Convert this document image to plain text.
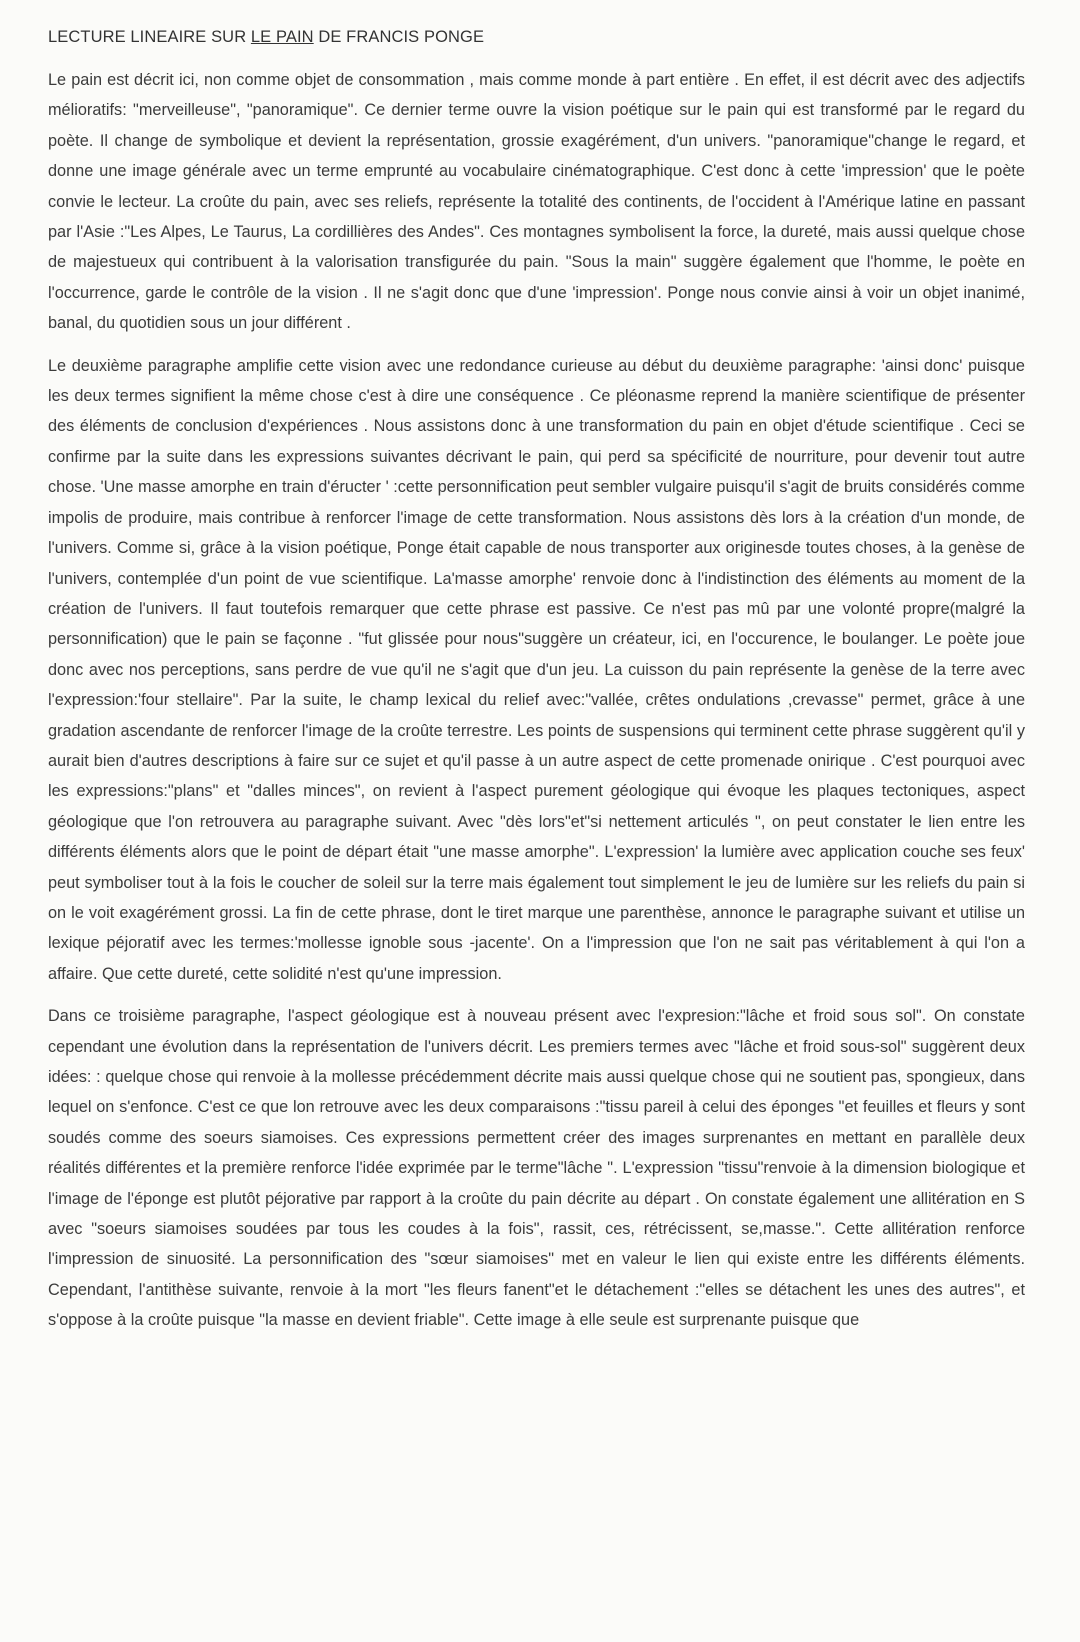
LECTURE LINEAIRE SUR LE PAIN DE FRANCIS PONGE

Le pain est décrit ici, non comme objet de consommation , mais comme monde à part entière . En effet, il est décrit avec des adjectifs mélioratifs: "merveilleuse", "panoramique". Ce dernier terme ouvre la vision poétique sur le pain qui est transformé par le regard du poète. Il change de symbolique et devient la représentation, grossie exagérément, d'un univers. "panoramique"change le regard, et donne une image générale avec un terme emprunté au vocabulaire cinématographique. C'est donc à cette 'impression' que le poète convie le lecteur. La croûte du pain, avec ses reliefs, représente la totalité des continents, de l'occident à l'Amérique latine en passant par l'Asie :"Les Alpes, Le Taurus, La cordillières des Andes". Ces montagnes symbolisent la force, la dureté, mais aussi quelque chose de majestueux qui contribuent à la valorisation transfigurée du pain. "Sous la main" suggère également que l'homme, le poète en l'occurrence, garde le contrôle de la vision . Il ne s'agit donc que d'une 'impression'. Ponge nous convie ainsi à voir un objet inanimé, banal, du quotidien sous un jour différent .

Le deuxième paragraphe amplifie cette vision avec une redondance curieuse au début du deuxième paragraphe: 'ainsi donc' puisque les deux termes signifient la même chose c'est à dire une conséquence . Ce pléonasme reprend la manière scientifique de présenter des éléments de conclusion d'expériences . Nous assistons donc à une transformation du pain en objet d'étude scientifique . Ceci se confirme par la suite dans les expressions suivantes décrivant le pain, qui perd sa spécificité de nourriture, pour devenir tout autre chose. 'Une masse amorphe en train d'éructer ' :cette personnification peut sembler vulgaire puisqu'il s'agit de bruits considérés comme impolis de produire, mais contribue à renforcer l'image de cette transformation. Nous assistons dès lors à la création d'un monde, de l'univers. Comme si, grâce à la vision poétique, Ponge était capable de nous transporter aux originesde toutes choses, à la genèse de l'univers, contemplée d'un point de vue scientifique. La'masse amorphe' renvoie donc à l'indistinction des éléments au moment de la création de l'univers. Il faut toutefois remarquer que cette phrase est passive. Ce n'est pas mû par une volonté propre(malgré la personnification) que le pain se façonne . "fut glissée pour nous"suggère un créateur, ici, en l'occurence, le boulanger. Le poète joue donc avec nos perceptions, sans perdre de vue qu'il ne s'agit que d'un jeu. La cuisson du pain représente la genèse de la terre avec l'expression:'four stellaire". Par la suite, le champ lexical du relief avec:"vallée, crêtes ondulations ,crevasse" permet, grâce à une gradation ascendante de renforcer l'image de la croûte terrestre. Les points de suspensions qui terminent cette phrase suggèrent qu'il y aurait bien d'autres descriptions à faire sur ce sujet et qu'il passe à un autre aspect de cette promenade onirique . C'est pourquoi avec les expressions:"plans" et "dalles minces", on revient à l'aspect purement géologique qui évoque les plaques tectoniques, aspect géologique que l'on retrouvera au paragraphe suivant. Avec "dès lors"et"si nettement articulés ", on peut constater le lien entre les différents éléments alors que le point de départ était "une masse amorphe". L'expression' la lumière avec application couche ses feux' peut symboliser tout à la fois le coucher de soleil sur la terre mais également tout simplement le jeu de lumière sur les reliefs du pain si on le voit exagérément grossi. La fin de cette phrase, dont le tiret marque une parenthèse, annonce le paragraphe suivant et utilise un lexique péjoratif avec les termes:'mollesse ignoble sous -jacente'. On a l'impression que l'on ne sait pas véritablement à qui l'on a affaire. Que cette dureté, cette solidité n'est qu'une impression.

Dans ce troisième paragraphe, l'aspect géologique est à nouveau présent avec l'expresion:"lâche et froid sous sol". On constate cependant une évolution dans la représentation de l'univers décrit. Les premiers termes avec "lâche et froid sous-sol" suggèrent deux idées: : quelque chose qui renvoie à la mollesse précédemment décrite mais aussi quelque chose qui ne soutient pas, spongieux, dans lequel on s'enfonce. C'est ce que lon retrouve avec les deux comparaisons :"tissu pareil à celui des éponges "et feuilles et fleurs y sont soudés comme des soeurs siamoises. Ces expressions permettent créer des images surprenantes en mettant en parallèle deux réalités différentes et la première renforce l'idée exprimée par le terme"lâche ". L'expression "tissu"renvoie à la dimension biologique et l'image de l'éponge est plutôt péjorative par rapport à la croûte du pain décrite au départ . On constate également une allitération en S avec "soeurs siamoises soudées par tous les coudes à la fois", rassit, ces, rétrécissent, se,masse.". Cette allitération renforce l'impression de sinuosité. La personnification des "sœur siamoises" met en valeur le lien qui existe entre les différents éléments. Cependant, l'antithèse suivante, renvoie à la mort "les fleurs fanent"et le détachement :"elles se détachent les unes des autres", et s'oppose à la croûte puisque "la masse en devient friable". Cette image à elle seule est surprenante puisque que
